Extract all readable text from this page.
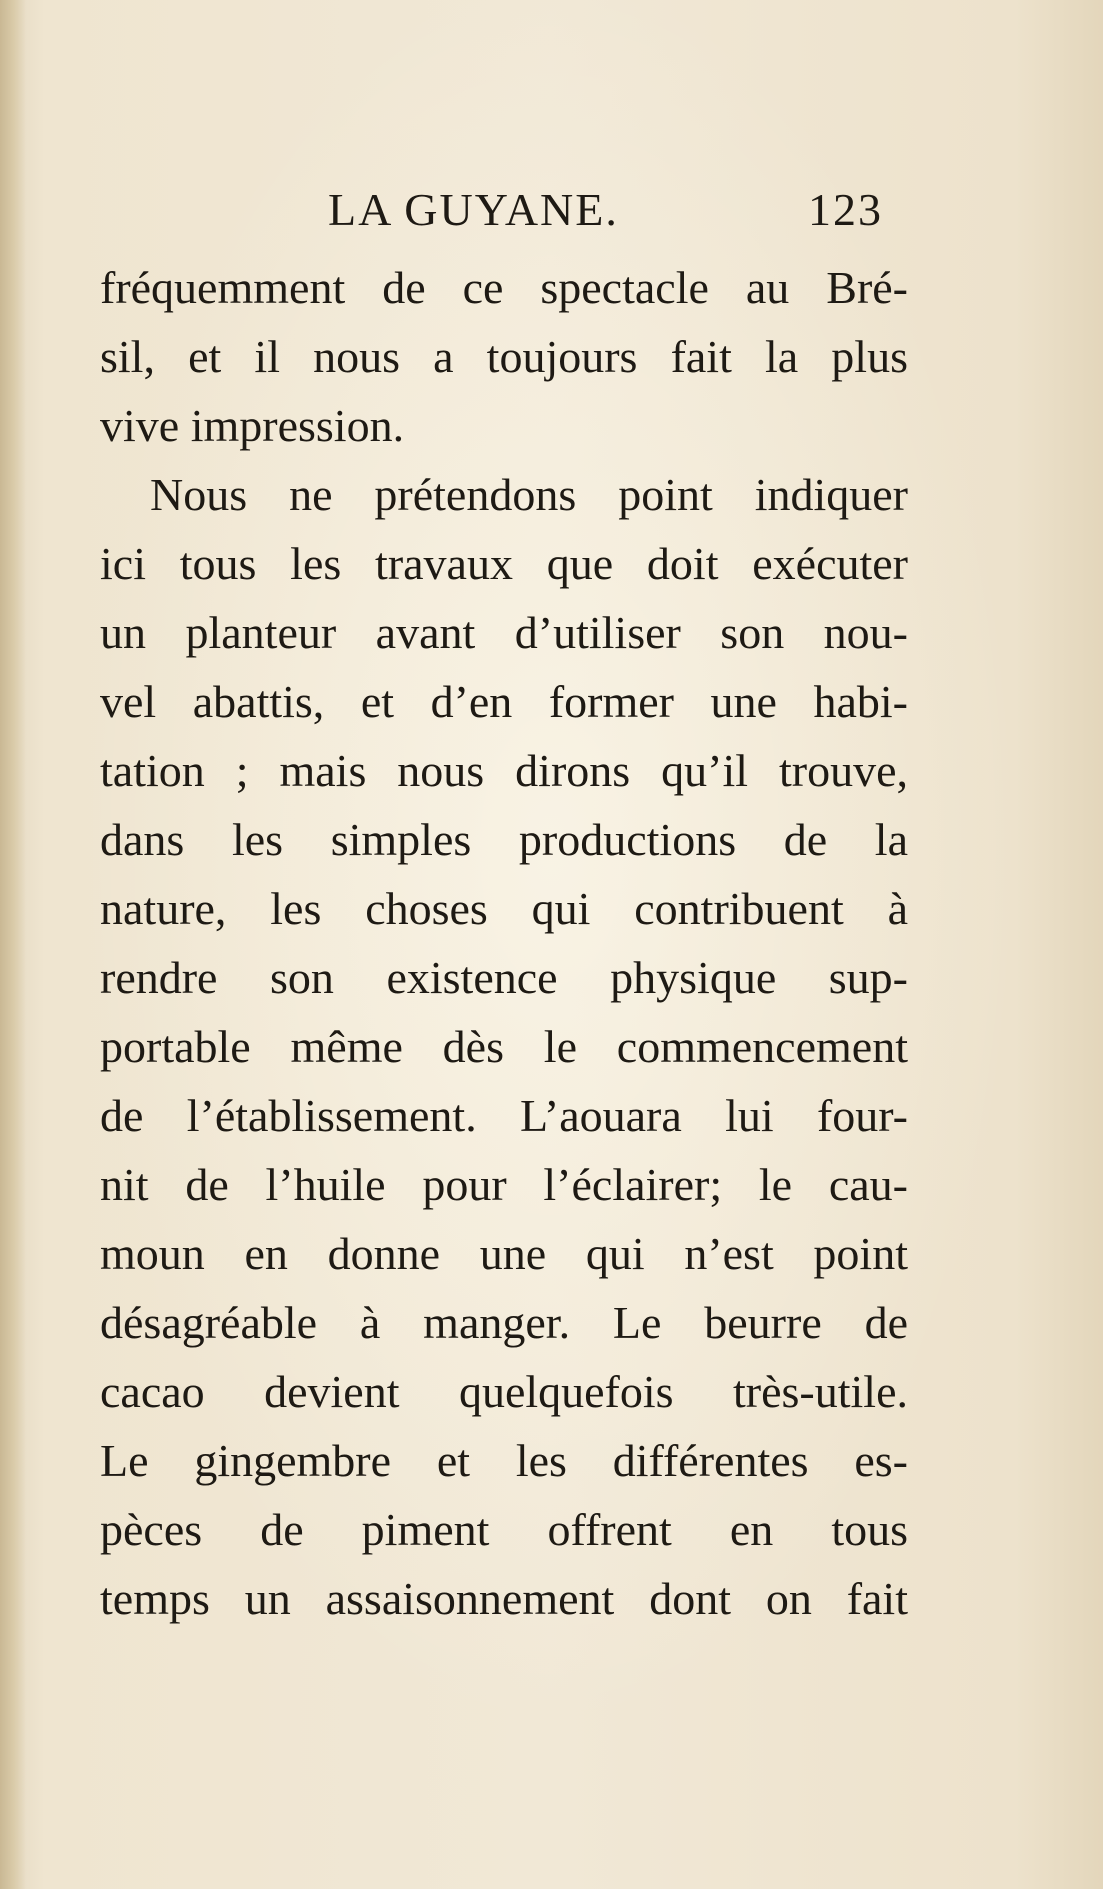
LA GUYANE.	123
fréquemment de ce spectacle au Bré-
sil, et il nous a toujours fait la plus
vive impression.
Nous ne prétendons point indiquer
ici tous les travaux que doit exécuter
un planteur avant d’utiliser son nou-
vel abattis, et d’en former une habi-
tation ; mais nous dirons qu’il trouve,
dans les simples productions de la
nature, les choses qui contribuent à
rendre son existence physique sup-
portable même dès le commencement
de l’établissement. L’aouara lui four-
nit de l’huile pour l’éclairer; le cau-
moun en donne une qui n’est point
désagréable à manger. Le beurre de
cacao devient quelquefois très-utile.
Le gingembre et les différentes es-
pèces de piment offrent en tous
temps un assaisonnement dont on fait
